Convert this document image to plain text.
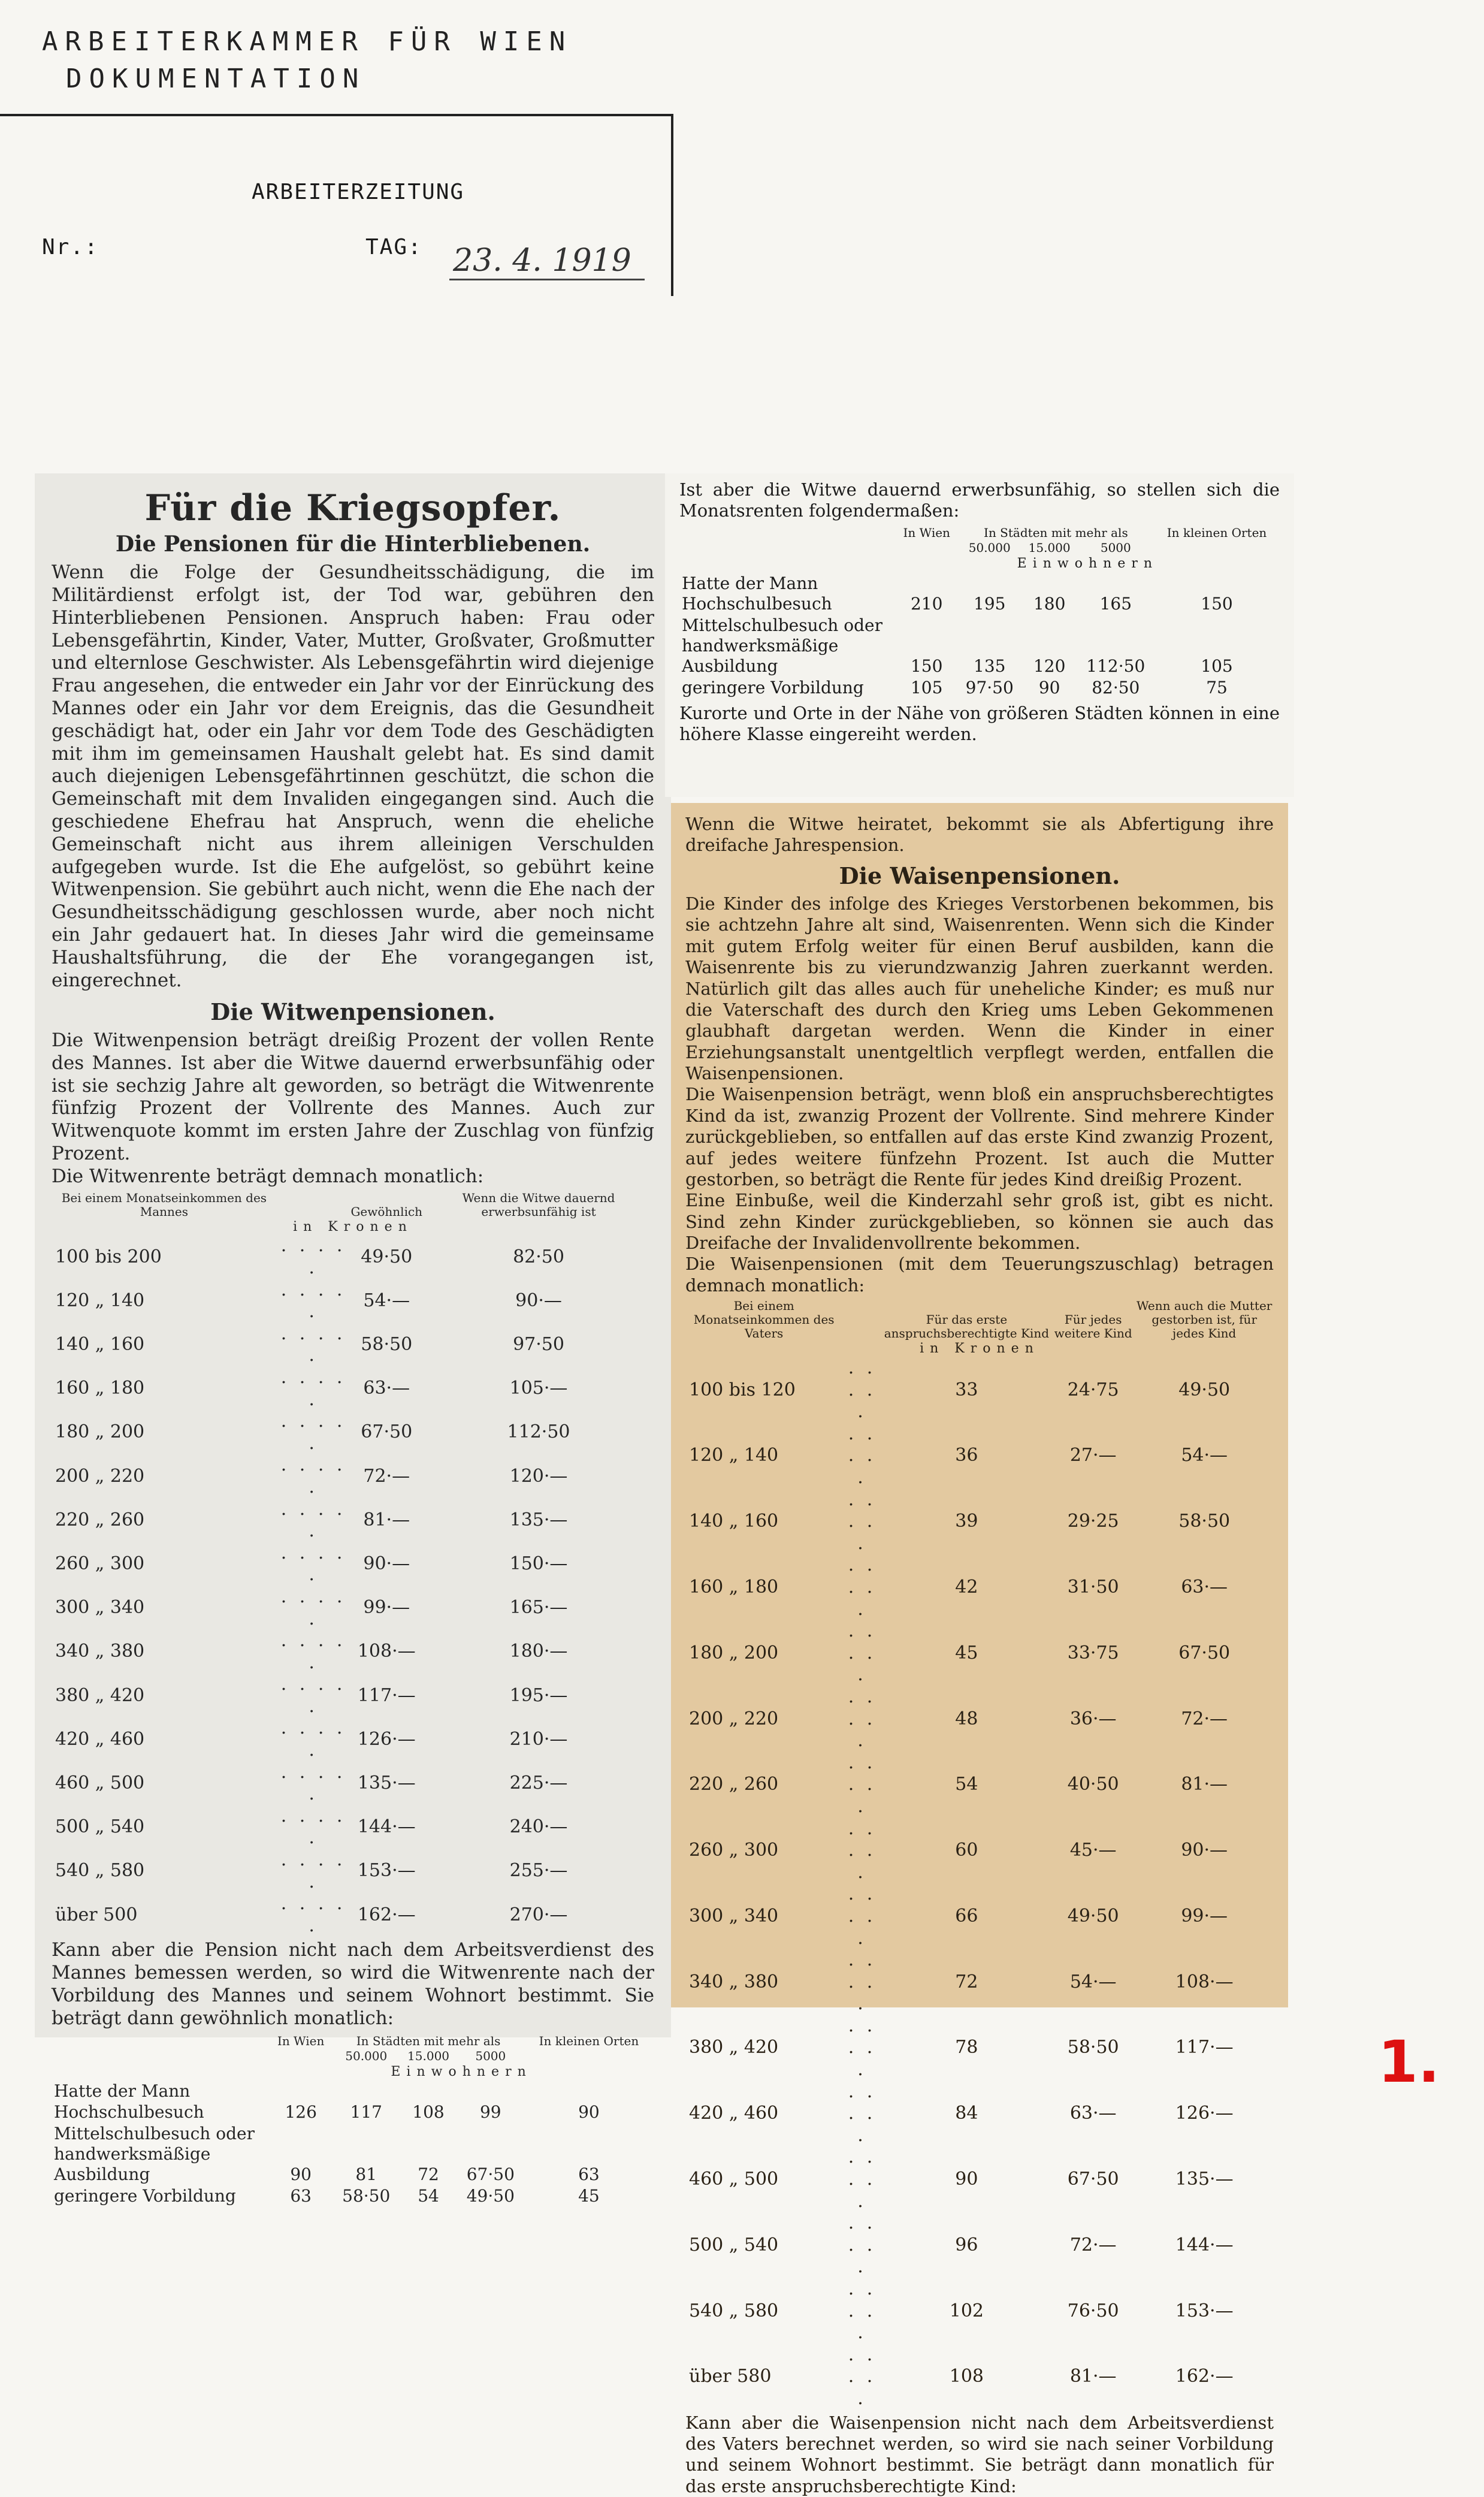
ARBEITERKAMMER FÜR WIEN
DOKUMENTATION
ARBEITERZEITUNG
Nr.:	TAG: 23. 4. 1919
Für die Kriegsopfer.
Die Pensionen für die Hinterbliebenen.

Wenn die Folge der Gesundheitsschädigung, die im Militärdienst erfolgt ist, der Tod war, gebühren den Hinterbliebenen Pensionen. Anspruch haben: Frau oder Lebensgefährtin, Kinder, Vater, Mutter, Großvater, Großmutter und elternlose Geschwister. Als Lebensgefährtin wird diejenige Frau angesehen, die entweder ein Jahr vor der Einrückung des Mannes oder ein Jahr vor dem Ereignis, das die Gesundheit geschädigt hat, oder ein Jahr vor dem Tode des Geschädigten mit ihm im gemeinsamen Haushalt gelebt hat. Es sind damit auch diejenigen Lebensgefährtinnen geschützt, die schon die Gemeinschaft mit dem Invaliden eingegangen sind. Auch die geschiedene Ehefrau hat Anspruch, wenn die eheliche Gemeinschaft nicht aus ihrem alleinigen Verschulden aufgegeben wurde. Ist die Ehe aufgelöst, so gebührt keine Witwenpension. Sie gebührt auch nicht, wenn die Ehe nach der Gesundheitsschädigung geschlossen wurde, aber noch nicht ein Jahr gedauert hat. In dieses Jahr wird die gemeinsame Haushaltsführung, die der Ehe vorangegangen ist, eingerechnet.

Die Witwenpensionen.

Die Witwenpension beträgt dreißig Prozent der vollen Rente des Mannes. Ist aber die Witwe dauernd erwerbsunfähig oder ist sie sechzig Jahre alt geworden, so beträgt die Witwenrente fünfzig Prozent der Vollrente des Mannes. Auch zur Witwenquote kommt im ersten Jahre der Zuschlag von fünfzig Prozent.

Die Witwenrente beträgt demnach monatlich:

Bei einem Monatseinkommen des Mannes		Gewöhnlich	Wenn die Witwe dauernd erwerbsunfähig ist
in Kronen			
100 bis 200	. . . . .	49·50	82·50
120 „ 140	. . . . .	54·—	90·—
140 „ 160	. . . . .	58·50	97·50
160 „ 180	. . . . .	63·—	105·—
180 „ 200	. . . . .	67·50	112·50
200 „ 220	. . . . .	72·—	120·—
220 „ 260	. . . . .	81·—	135·—
260 „ 300	. . . . .	90·—	150·—
300 „ 340	. . . . .	99·—	165·—
340 „ 380	. . . . .	108·—	180·—
380 „ 420	. . . . .	117·—	195·—
420 „ 460	. . . . .	126·—	210·—
460 „ 500	. . . . .	135·—	225·—
500 „ 540	. . . . .	144·—	240·—
540 „ 580	. . . . .	153·—	255·—
über 500	. . . . .	162·—	270·—

Kann aber die Pension nicht nach dem Arbeitsverdienst des Mannes bemessen werden, so wird die Witwenrente nach der Vorbildung des Mannes und seinem Wohnort bestimmt. Sie beträgt dann gewöhnlich monatlich:

	In Wien	In Städten mit mehr als			In kleinen Orten
		50.000	15.000	5000	
	Einwohnern				
Hatte der Mann Hochschulbesuch	126	117	108	99	90
Mittelschulbesuch oder handwerksmäßige Ausbildung	90	81	72	67·50	63
geringere Vorbildung	63	58·50	54	49·50	45

Ist aber die Witwe dauernd erwerbsunfähig, so stellen sich die Monatsrenten folgendermaßen:

	In Wien	In Städten mit mehr als			In kleinen Orten
		50.000	15.000	5000	
	Einwohnern				
Hatte der Mann Hochschulbesuch	210	195	180	165	150
Mittelschulbesuch oder handwerksmäßige Ausbildung	150	135	120	112·50	105
geringere Vorbildung	105	97·50	90	82·50	75

Kurorte und Orte in der Nähe von größeren Städten können in eine höhere Klasse eingereiht werden.

Wenn die Witwe heiratet, bekommt sie als Abfertigung ihre dreifache Jahrespension.

Die Waisenpensionen.

Die Kinder des infolge des Krieges Verstorbenen bekommen, bis sie achtzehn Jahre alt sind, Waisenrenten. Wenn sich die Kinder mit gutem Erfolg weiter für einen Beruf ausbilden, kann die Waisenrente bis zu vierundzwanzig Jahren zuerkannt werden. Natürlich gilt das alles auch für uneheliche Kinder; es muß nur die Vaterschaft des durch den Krieg ums Leben Gekommenen glaubhaft dargetan werden. Wenn die Kinder in einer Erziehungsanstalt unentgeltlich verpflegt werden, entfallen die Waisenpensionen.

Die Waisenpension beträgt, wenn bloß ein anspruchsberechtigtes Kind da ist, zwanzig Prozent der Vollrente. Sind mehrere Kinder zurückgeblieben, so entfallen auf das erste Kind zwanzig Prozent, auf jedes weitere fünfzehn Prozent. Ist auch die Mutter gestorben, so beträgt die Rente für jedes Kind dreißig Prozent.

Eine Einbuße, weil die Kinderzahl sehr groß ist, gibt es nicht. Sind zehn Kinder zurückgeblieben, so können sie auch das Dreifache der Invalidenvollrente bekommen.

Die Waisenpensionen (mit dem Teuerungszuschlag) betragen demnach monatlich:

Bei einem Monatseinkommen des Vaters		Für das erste anspruchsberechtigte Kind	Für jedes weitere Kind	Wenn auch die Mutter gestorben ist, für jedes Kind
in Kronen				
100 bis 120	. . . . .	33	24·75	49·50
120 „ 140	. . . . .	36	27·—	54·—
140 „ 160	. . . . .	39	29·25	58·50
160 „ 180	. . . . .	42	31·50	63·—
180 „ 200	. . . . .	45	33·75	67·50
200 „ 220	. . . . .	48	36·—	72·—
220 „ 260	. . . . .	54	40·50	81·—
260 „ 300	. . . . .	60	45·—	90·—
300 „ 340	. . . . .	66	49·50	99·—
340 „ 380	. . . . .	72	54·—	108·—
380 „ 420	. . . . .	78	58·50	117·—
420 „ 460	. . . . .	84	63·—	126·—
460 „ 500	. . . . .	90	67·50	135·—
500 „ 540	. . . . .	96	72·—	144·—
540 „ 580	. . . . .	102	76·50	153·—
über 580	. . . . .	108	81·—	162·—

Kann aber die Waisenpension nicht nach dem Arbeitsverdienst des Vaters berechnet werden, so wird sie nach seiner Vorbildung und seinem Wohnort bestimmt. Sie beträgt dann monatlich für das erste anspruchsberechtigte Kind:

1.
